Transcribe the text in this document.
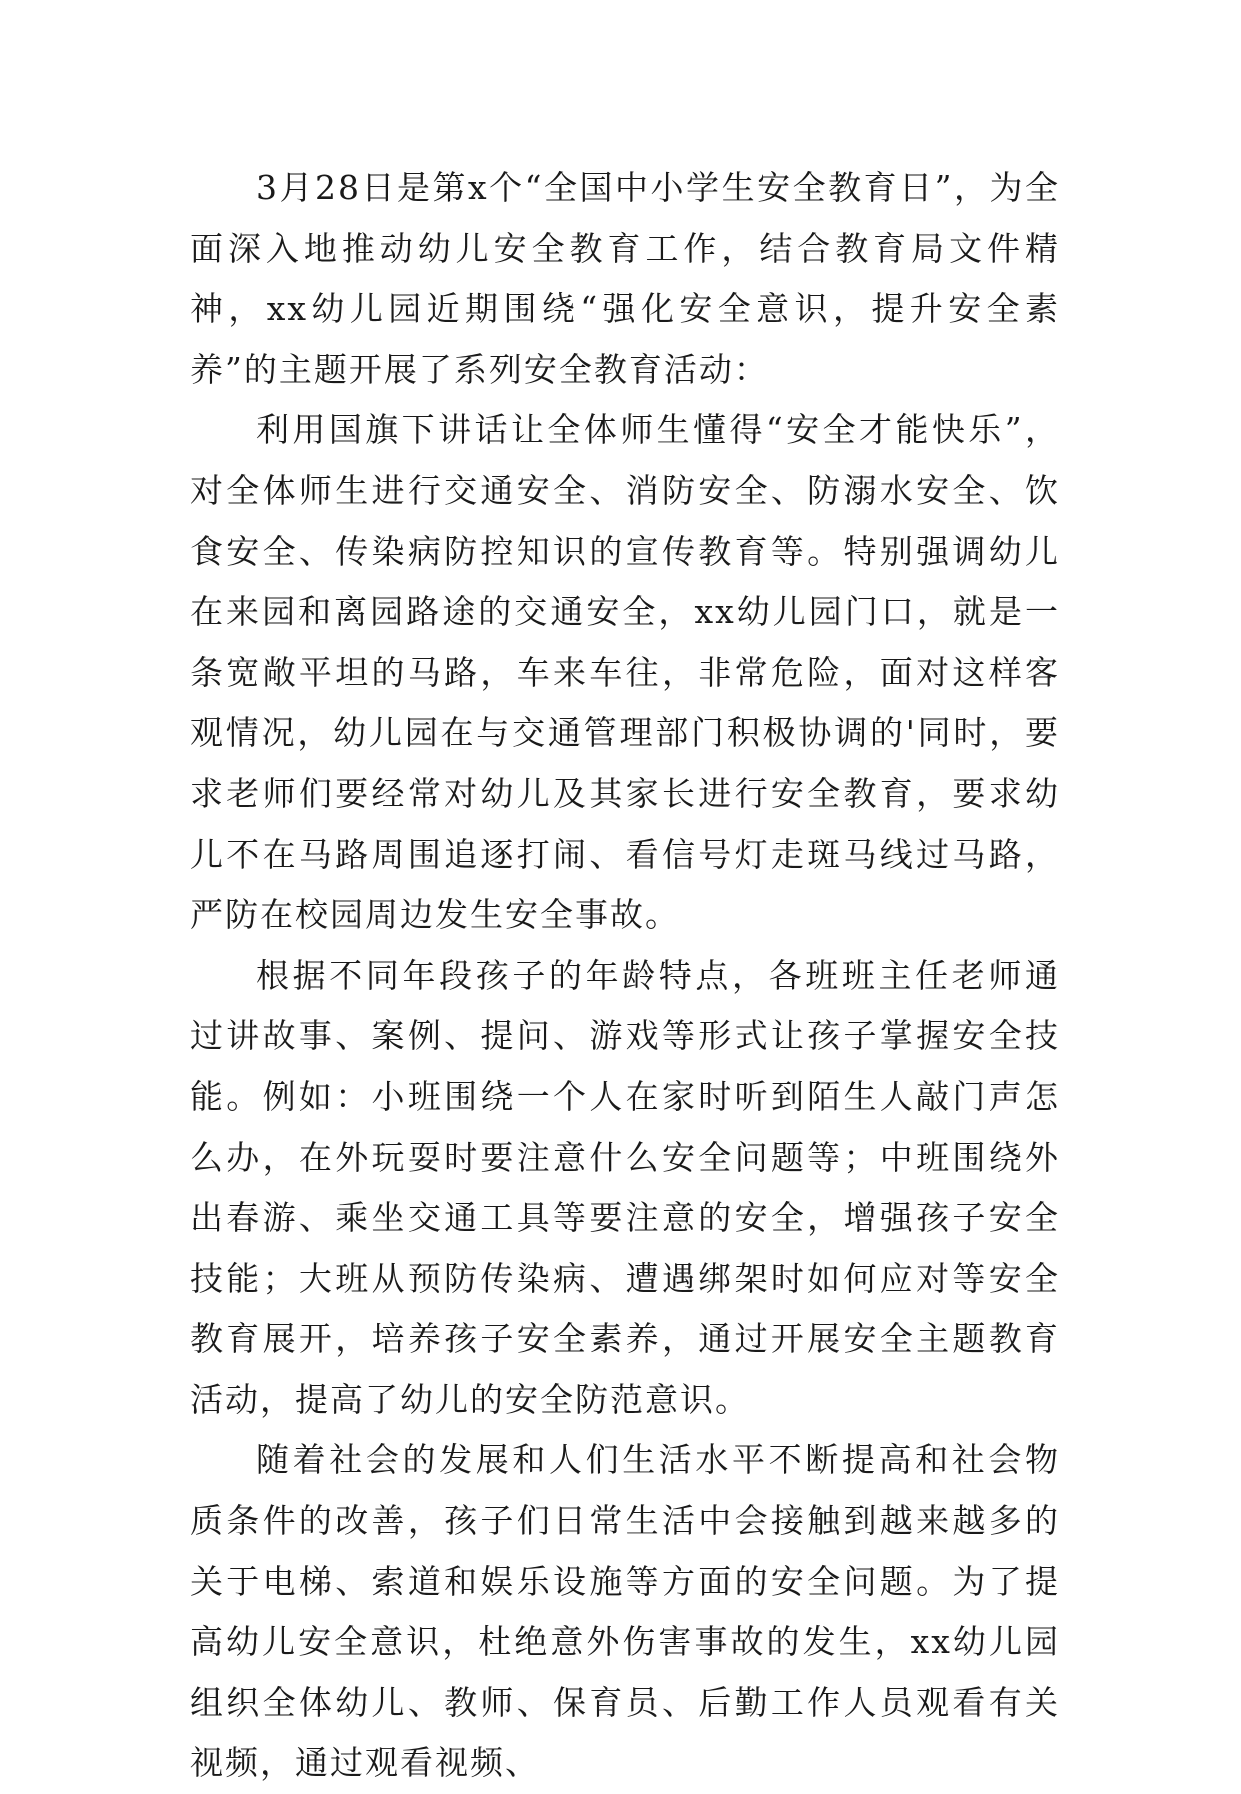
3月28日是第x个“全国中小学生安全教育日”，为全面深入地推动幼儿安全教育工作，结合教育局文件精神，xx幼儿园近期围绕“强化安全意识，提升安全素养”的主题开展了系列安全教育活动：

利用国旗下讲话让全体师生懂得“安全才能快乐”，对全体师生进行交通安全、消防安全、防溺水安全、饮食安全、传染病防控知识的宣传教育等。特别强调幼儿在来园和离园路途的交通安全，xx幼儿园门口，就是一条宽敞平坦的马路，车来车往，非常危险，面对这样客观情况，幼儿园在与交通管理部门积极协调的'同时，要求老师们要经常对幼儿及其家长进行安全教育，要求幼儿不在马路周围追逐打闹、看信号灯走斑马线过马路，严防在校园周边发生安全事故。

根据不同年段孩子的年龄特点，各班班主任老师通过讲故事、案例、提问、游戏等形式让孩子掌握安全技能。例如：小班围绕一个人在家时听到陌生人敲门声怎么办，在外玩耍时要注意什么安全问题等；中班围绕外出春游、乘坐交通工具等要注意的安全，增强孩子安全技能；大班从预防传染病、遭遇绑架时如何应对等安全教育展开，培养孩子安全素养，通过开展安全主题教育活动，提高了幼儿的安全防范意识。

随着社会的发展和人们生活水平不断提高和社会物质条件的改善，孩子们日常生活中会接触到越来越多的关于电梯、索道和娱乐设施等方面的安全问题。为了提高幼儿安全意识，杜绝意外伤害事故的发生，xx幼儿园组织全体幼儿、教师、保育员、后勤工作人员观看有关视频，通过观看视频、
